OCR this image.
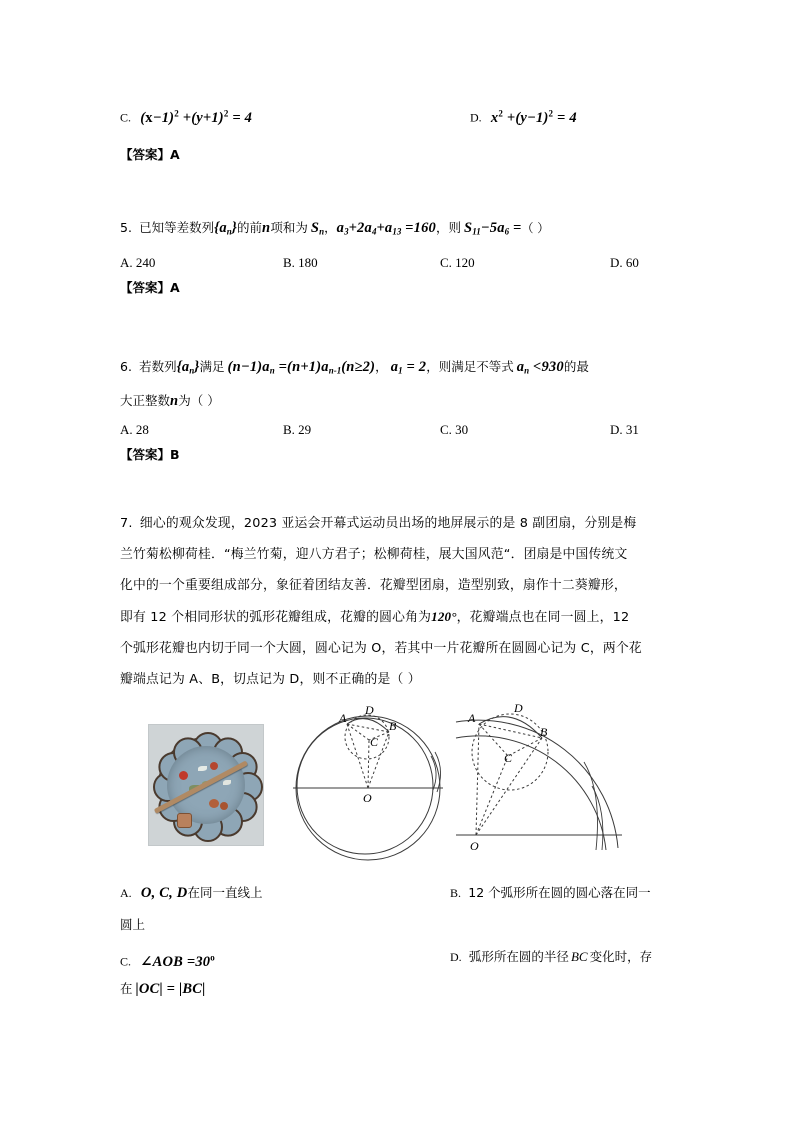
C. $(x-1)^2 +(y+1)^2 = 4$	D. $x^2 +(y-1)^2 = 4$
【答案】A
5. 已知等差数列$\{a_n\}$的前n项和为 $S_n$，$a_3+2a_4+a_{13} =160$，则 $S_{11}-5a_6$ =（ ）
A. 240	B. 180	C. 120	D. 60
【答案】A
6. 若数列$\{a_n\}$满足 $(n-1)a_n =(n+1)a_{n-1}(n\ge 2)$， $a_1 = 2$，则满足不等式 $a_n <930$的最
大正整数n为（ ）
A. 28	B. 29	C. 30	D. 31
【答案】B
7. 细心的观众发现，2023 亚运会开幕式运动员出场的地屏展示的是 8 副团扇，分别是梅
兰竹菊松柳荷桂．“梅兰竹菊，迎八方君子；松柳荷桂，展大国风范“．团扇是中国传统文
化中的一个重要组成部分，象征着团结友善．花瓣型团扇，造型别致，扇作十二葵瓣形，
即有 12 个相同形状的弧形花瓣组成，花瓣的圆心角为120°，花瓣端点也在同一圆上，12
个弧形花瓣也内切于同一个大圆，圆心记为 O，若其中一片花瓣所在圆圆心记为 C，两个花
瓣端点记为 A、B，切点记为 D，则不正确的是（ ）
A
D
B
C
O
A
D
B
C
O
A. O, C, D在同一直线上	B. 12 个弧形所在圆的圆心落在同一
圆上
C. ∠AOB $=30^o$	D. 弧形所在圆的半径 BC 变化时，存
在 |OC| = |BC|
